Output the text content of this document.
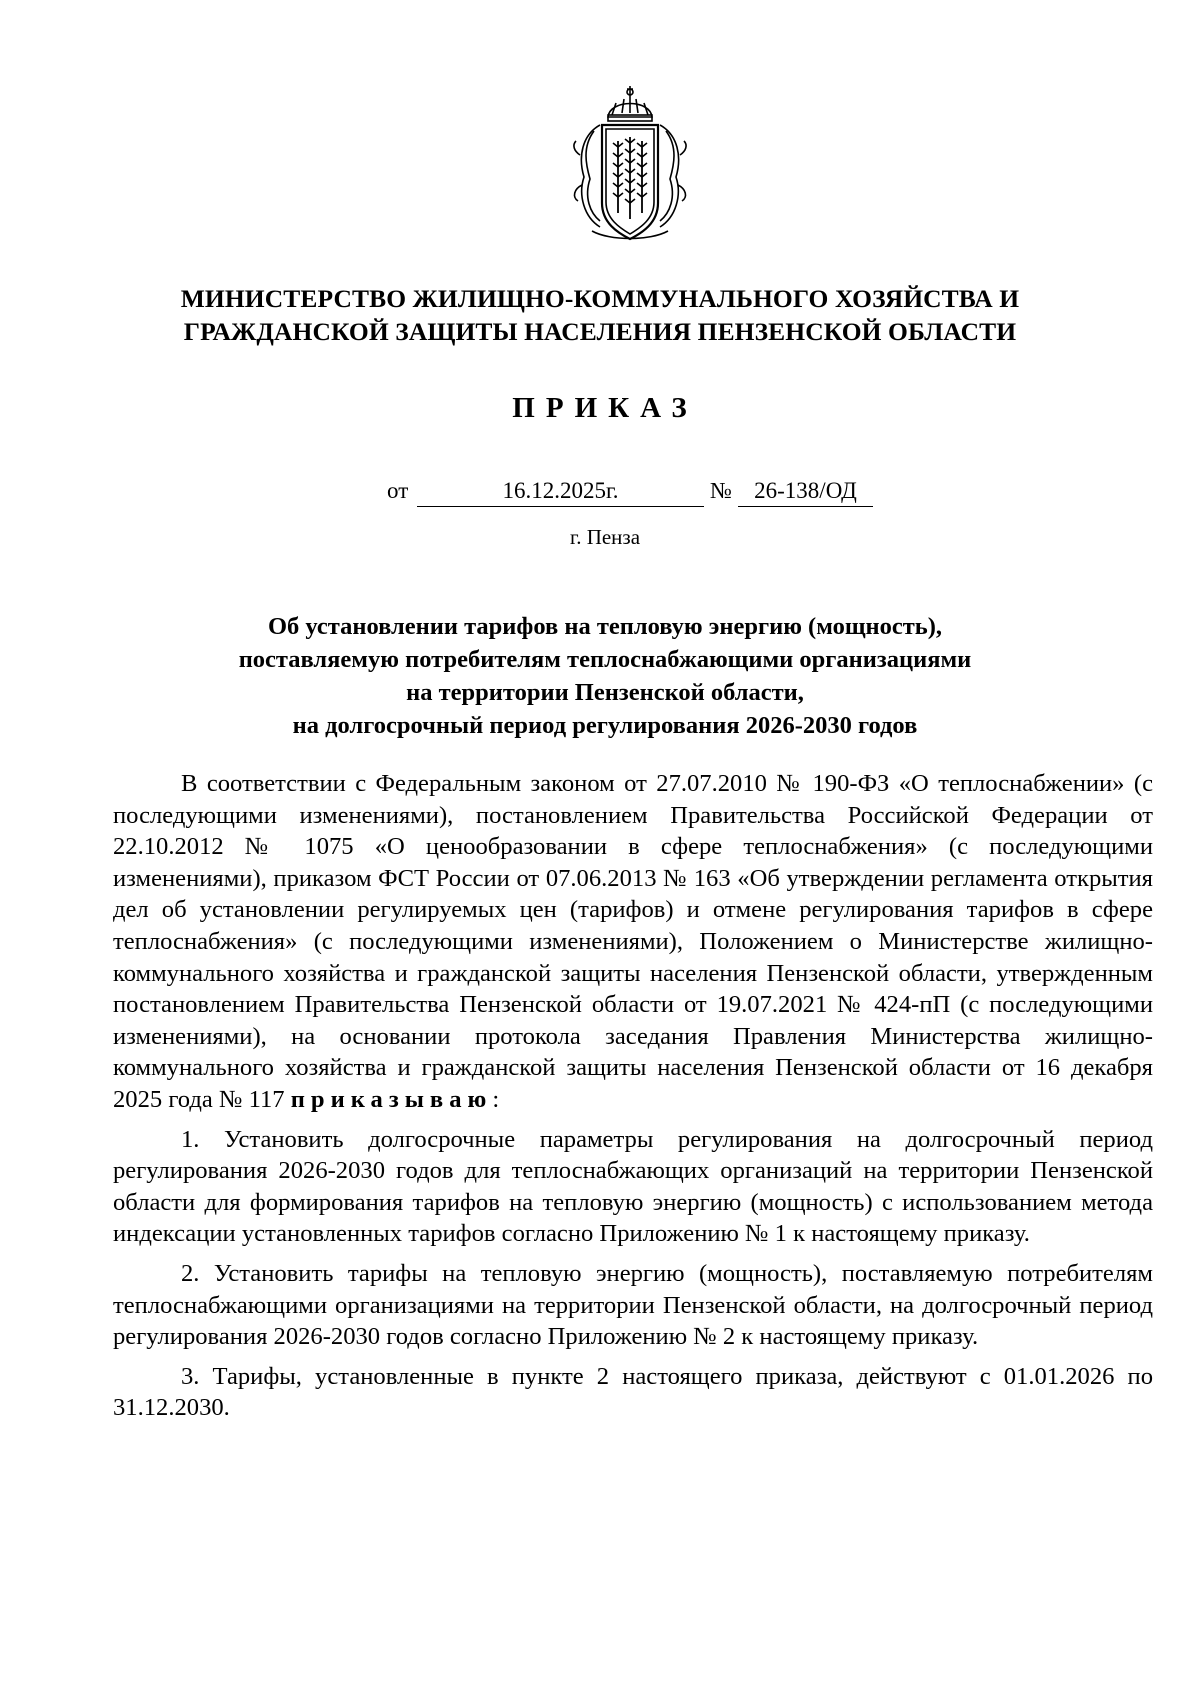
МИНИСТЕРСТВО ЖИЛИЩНО-КОММУНАЛЬНОГО ХОЗЯЙСТВА И
ГРАЖДАНСКОЙ ЗАЩИТЫ НАСЕЛЕНИЯ ПЕНЗЕНСКОЙ ОБЛАСТИ
ПРИКАЗ
от	16.12.2025г.	№ 26-138/ОД
г. Пенза
Об установлении тарифов на тепловую энергию (мощность),
поставляемую потребителям теплоснабжающими организациями
на территории Пензенской области,
на долгосрочный период регулирования 2026-2030 годов

В соответствии с Федеральным законом от 27.07.2010 № 190-ФЗ «О теплоснабжении» (с последующими изменениями), постановлением Правительства Российской Федерации от 22.10.2012 № 1075 «О ценообразовании в сфере теплоснабжения» (с последующими изменениями), приказом ФСТ России от 07.06.2013 № 163 «Об утверждении регламента открытия дел об установлении регулируемых цен (тарифов) и отмене регулирования тарифов в сфере теплоснабжения» (с последующими изменениями), Положением о Министерстве жилищно-коммунального хозяйства и гражданской защиты населения Пензенской области, утвержденным постановлением Правительства Пензенской области от 19.07.2021 № 424-пП (с последующими изменениями), на основании протокола заседания Правления Министерства жилищно-коммунального хозяйства и гражданской защиты населения Пензенской области от 16 декабря 2025 года № 117 приказываю:

1. Установить долгосрочные параметры регулирования на долгосрочный период регулирования 2026-2030 годов для теплоснабжающих организаций на территории Пензенской области для формирования тарифов на тепловую энергию (мощность) с использованием метода индексации установленных тарифов согласно Приложению № 1 к настоящему приказу.

2. Установить тарифы на тепловую энергию (мощность), поставляемую потребителям теплоснабжающими организациями на территории Пензенской области, на долгосрочный период регулирования 2026-2030 годов согласно Приложению № 2 к настоящему приказу.

3. Тарифы, установленные в пункте 2 настоящего приказа, действуют с 01.01.2026 по 31.12.2030.
